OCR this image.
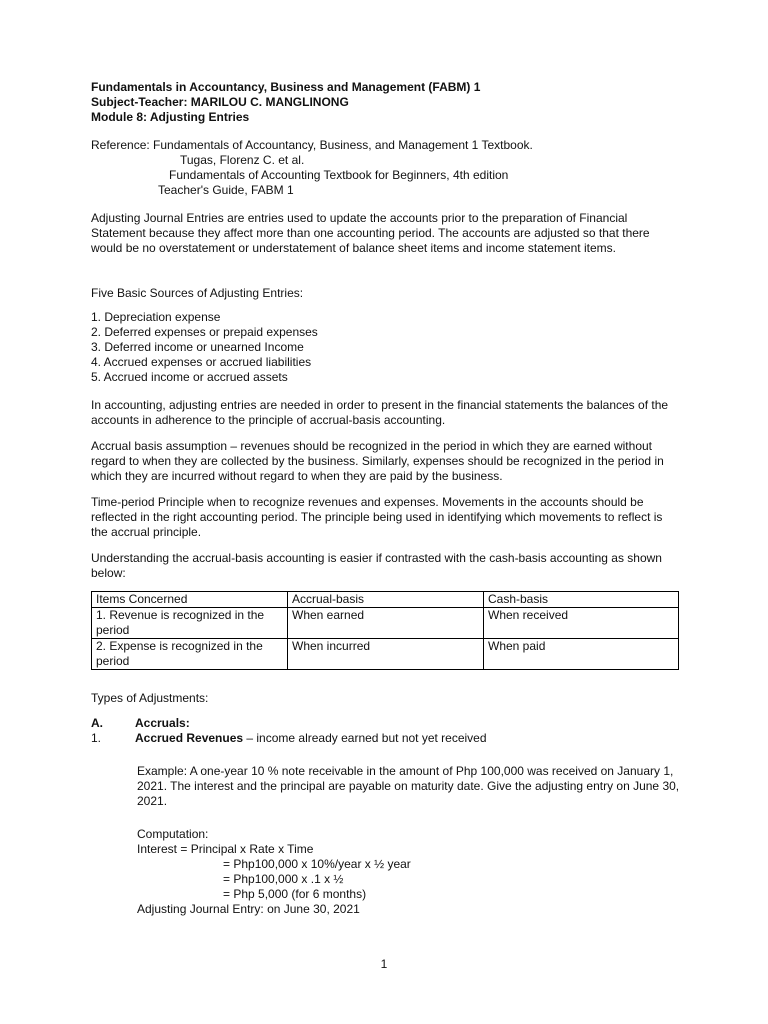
Fundamentals in Accountancy, Business and Management (FABM) 1

Subject-Teacher: MARILOU C. MANGLINONG

Module 8: Adjusting Entries

Reference: Fundamentals of Accountancy, Business, and Management 1 Textbook.

Tugas, Florenz C. et al.

Fundamentals of Accounting Textbook for Beginners, 4th edition

Teacher's Guide, FABM 1

Adjusting Journal Entries are entries used to update the accounts prior to the preparation of Financial Statement because they affect more than one accounting period. The accounts are adjusted so that there would be no overstatement or understatement of balance sheet items and income statement items.

Five Basic Sources of Adjusting Entries:

1. Depreciation expense

2. Deferred expenses or prepaid expenses

3. Deferred income or unearned Income

4. Accrued expenses or accrued liabilities

5. Accrued income or accrued assets

In accounting, adjusting entries are needed in order to present in the financial statements the balances of the accounts in adherence to the principle of accrual-basis accounting.

Accrual basis assumption – revenues should be recognized in the period in which they are earned without regard to when they are collected by the business. Similarly, expenses should be recognized in the period in which they are incurred without regard to when they are paid by the business.

Time-period Principle when to recognize revenues and expenses. Movements in the accounts should be reflected in the right accounting period. The principle being used in identifying which movements to reflect is the accrual principle.

Understanding the accrual-basis accounting is easier if contrasted with the cash-basis accounting as shown below:

Items Concerned	Accrual-basis	Cash-basis
1. Revenue is recognized in the period	When earned	When received
2. Expense is recognized in the period	When incurred	When paid

Types of Adjustments:

A.	Accruals:
1.	Accrued Revenues – income already earned but not yet received

Example: A one-year 10 % note receivable in the amount of Php 100,000 was received on January 1, 2021. The interest and the principal are payable on maturity date. Give the adjusting entry on June 30, 2021.

Computation:

Interest = Principal x Rate x Time

= Php100,000 x 10%/year x ½ year

= Php100,000 x .1 x ½

= Php 5,000 (for 6 months)

Adjusting Journal Entry: on June 30, 2021

1
